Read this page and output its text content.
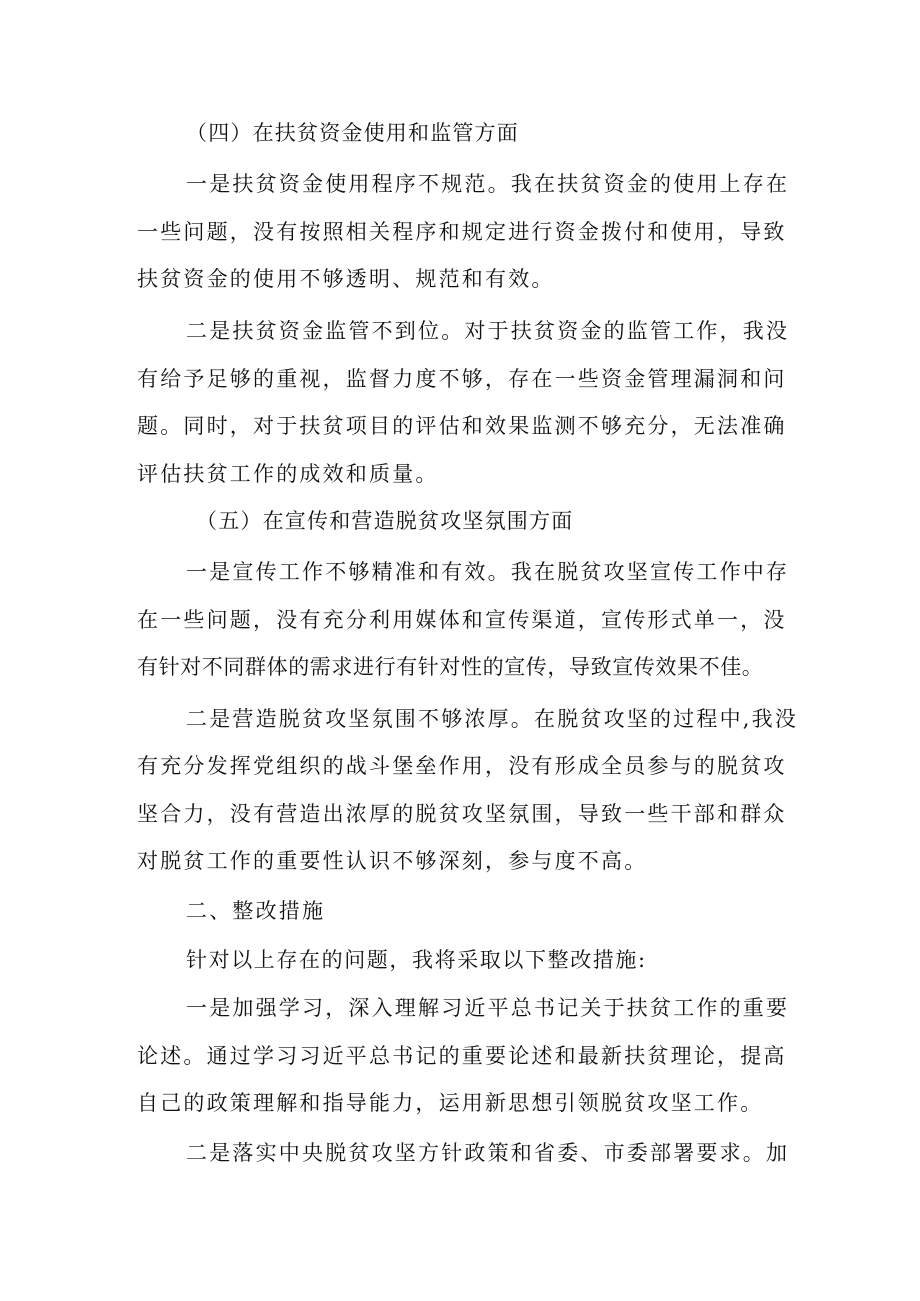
（四）在扶贫资金使用和监管方面
一是扶贫资金使用程序不规范。我在扶贫资金的使用上存在
一些问题，没有按照相关程序和规定进行资金拨付和使用，导致
扶贫资金的使用不够透明、规范和有效。
二是扶贫资金监管不到位。对于扶贫资金的监管工作，我没
有给予足够的重视，监督力度不够，存在一些资金管理漏洞和问
题。同时，对于扶贫项目的评估和效果监测不够充分，无法准确
评估扶贫工作的成效和质量。
（五）在宣传和营造脱贫攻坚氛围方面
一是宣传工作不够精准和有效。我在脱贫攻坚宣传工作中存
在一些问题，没有充分利用媒体和宣传渠道，宣传形式单一，没
有针对不同群体的需求进行有针对性的宣传，导致宣传效果不佳。
二是营造脱贫攻坚氛围不够浓厚。在脱贫攻坚的过程中,我没
有充分发挥党组织的战斗堡垒作用，没有形成全员参与的脱贫攻
坚合力，没有营造出浓厚的脱贫攻坚氛围，导致一些干部和群众
对脱贫工作的重要性认识不够深刻，参与度不高。
二、整改措施
针对以上存在的问题，我将采取以下整改措施:
一是加强学习，深入理解习近平总书记关于扶贫工作的重要
论述。通过学习习近平总书记的重要论述和最新扶贫理论，提高
自己的政策理解和指导能力，运用新思想引领脱贫攻坚工作。
二是落实中央脱贫攻坚方针政策和省委、市委部署要求。加
